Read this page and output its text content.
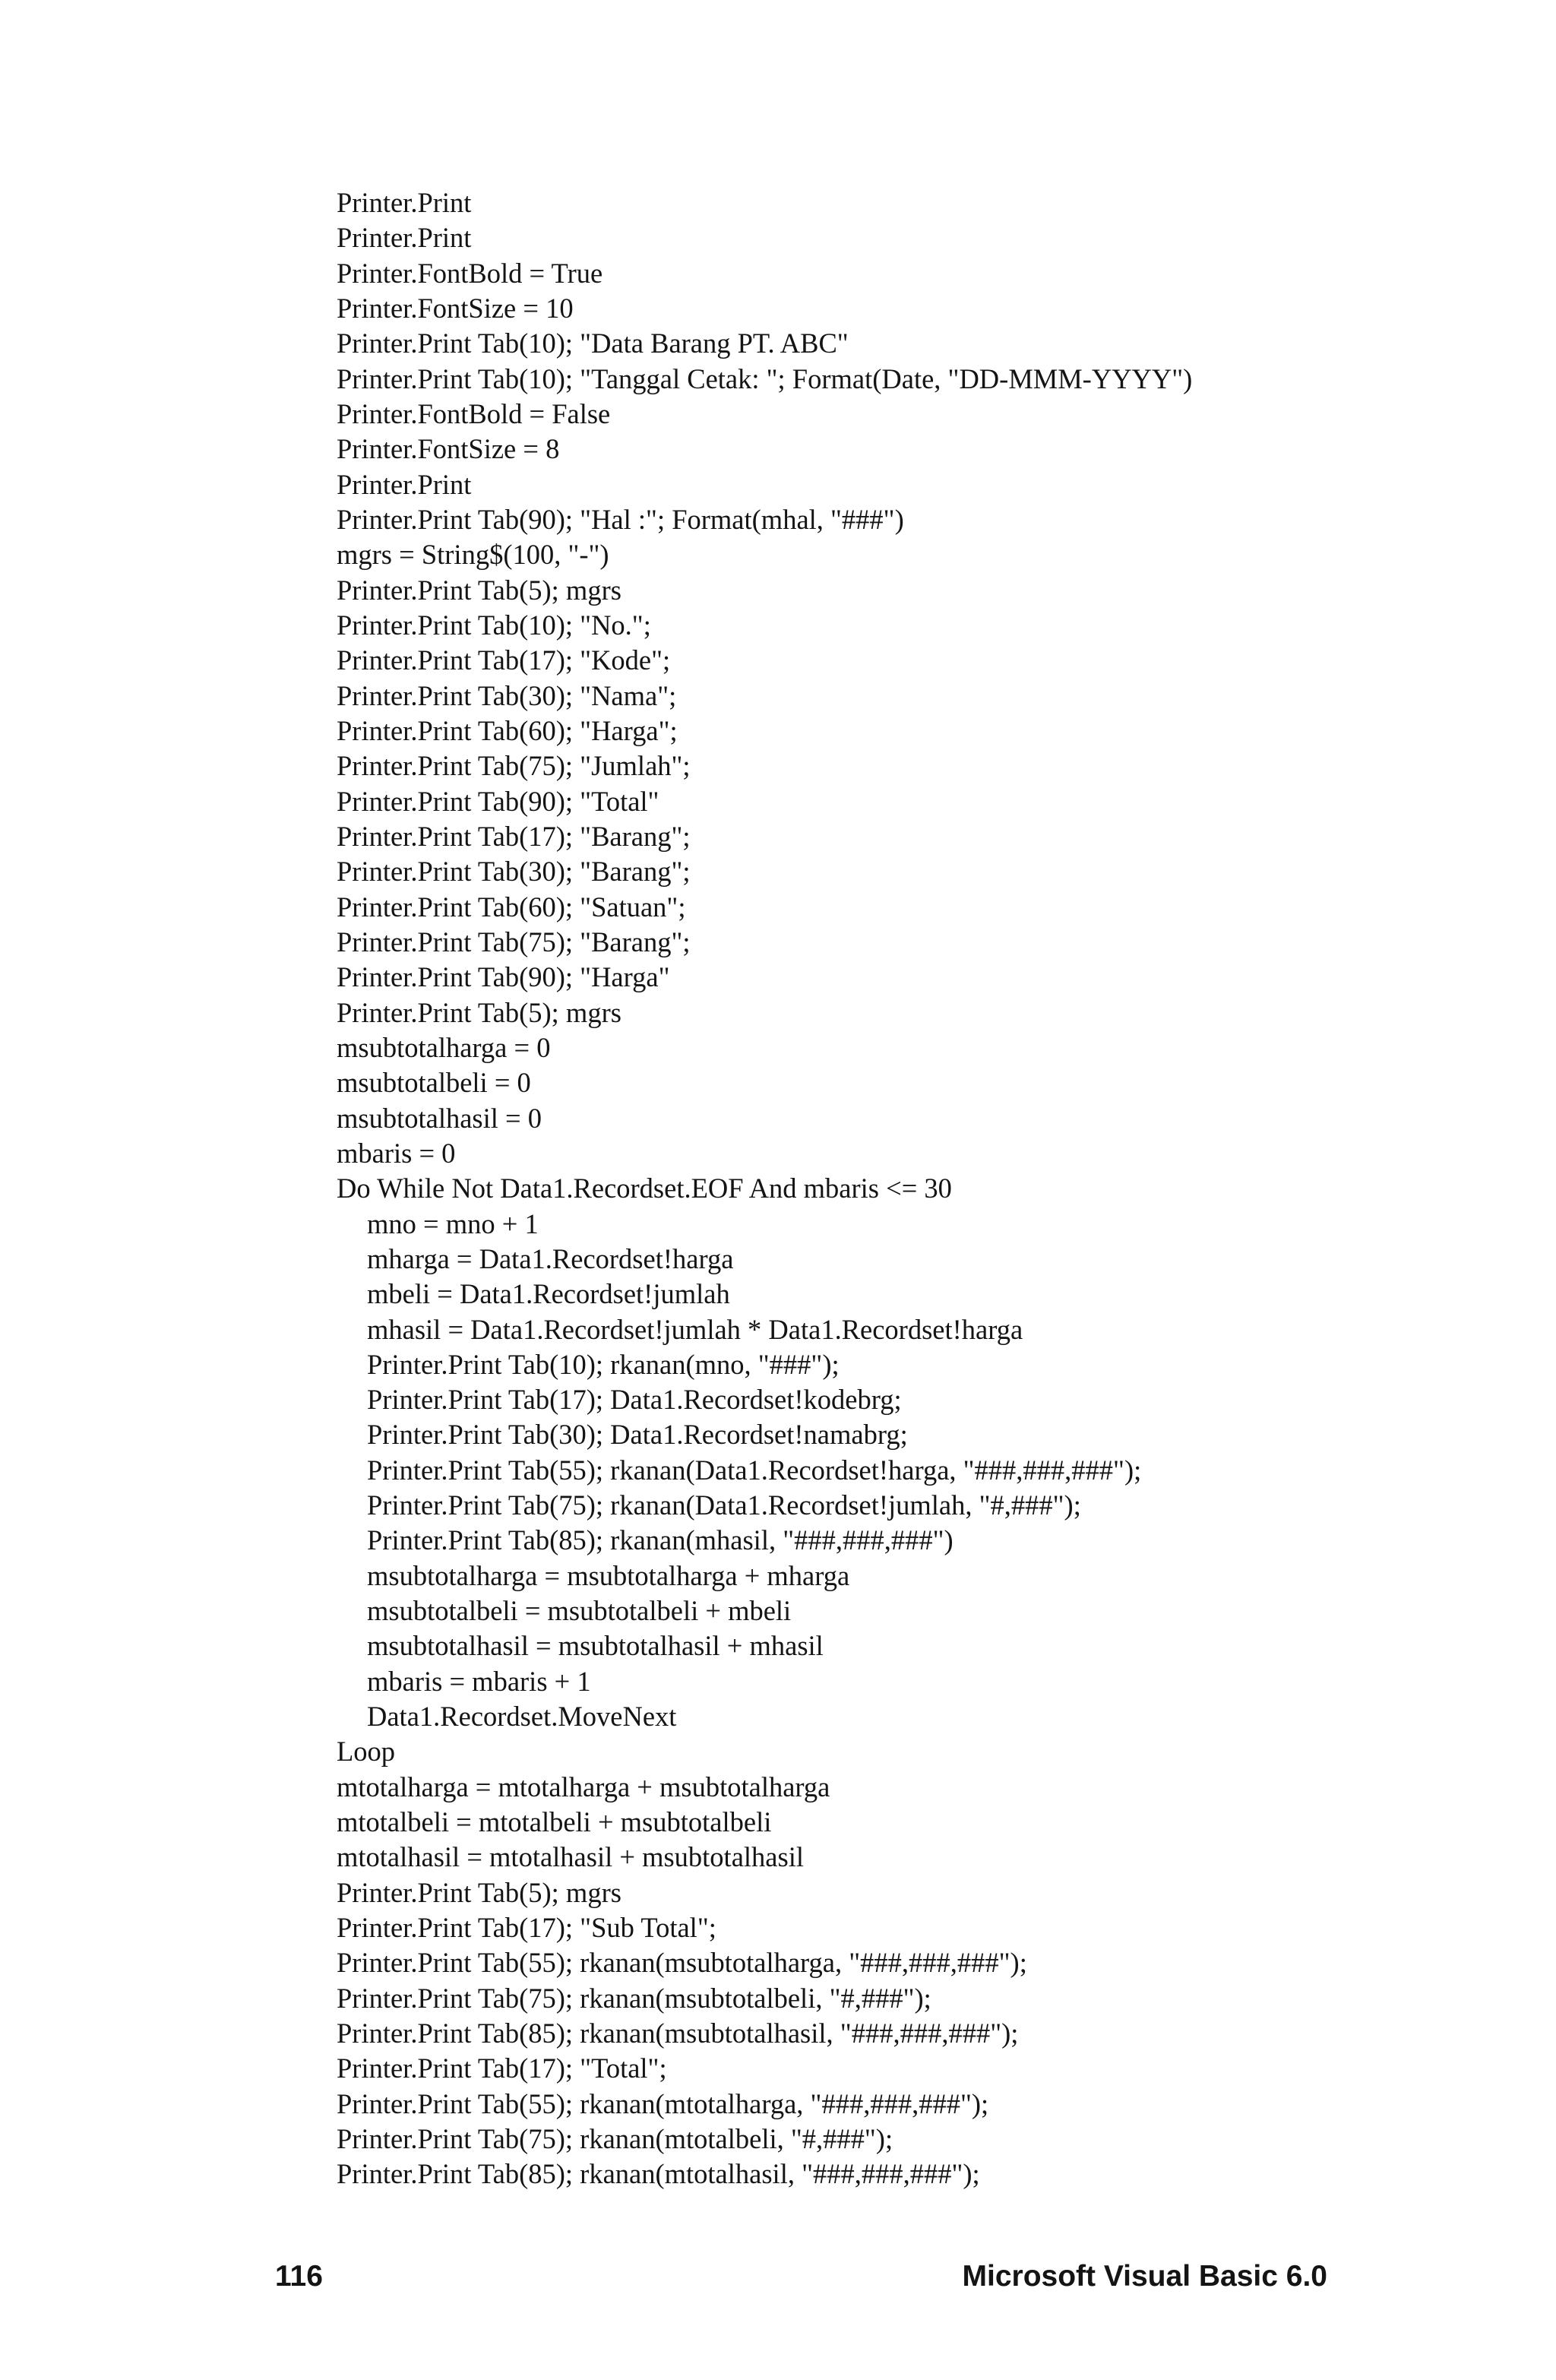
Printer.Print
Printer.Print
Printer.FontBold = True
Printer.FontSize = 10
Printer.Print Tab(10); "Data Barang PT. ABC"
Printer.Print Tab(10); "Tanggal Cetak: "; Format(Date, "DD-MMM-YYYY")
Printer.FontBold = False
Printer.FontSize = 8
Printer.Print
Printer.Print Tab(90); "Hal :"; Format(mhal, "###")
mgrs = String$(100, "-")
Printer.Print Tab(5); mgrs
Printer.Print Tab(10); "No.";
Printer.Print Tab(17); "Kode";
Printer.Print Tab(30); "Nama";
Printer.Print Tab(60); "Harga";
Printer.Print Tab(75); "Jumlah";
Printer.Print Tab(90); "Total"
Printer.Print Tab(17); "Barang";
Printer.Print Tab(30); "Barang";
Printer.Print Tab(60); "Satuan";
Printer.Print Tab(75); "Barang";
Printer.Print Tab(90); "Harga"
Printer.Print Tab(5); mgrs
msubtotalharga = 0
msubtotalbeli = 0
msubtotalhasil = 0
mbaris = 0
Do While Not Data1.Recordset.EOF And mbaris <= 30
mno = mno + 1
mharga = Data1.Recordset!harga
mbeli = Data1.Recordset!jumlah
mhasil = Data1.Recordset!jumlah * Data1.Recordset!harga
Printer.Print Tab(10); rkanan(mno, "###");
Printer.Print Tab(17); Data1.Recordset!kodebrg;
Printer.Print Tab(30); Data1.Recordset!namabrg;
Printer.Print Tab(55); rkanan(Data1.Recordset!harga, "###,###,###");
Printer.Print Tab(75); rkanan(Data1.Recordset!jumlah, "#,###");
Printer.Print Tab(85); rkanan(mhasil, "###,###,###")
msubtotalharga = msubtotalharga + mharga
msubtotalbeli = msubtotalbeli + mbeli
msubtotalhasil = msubtotalhasil + mhasil
mbaris = mbaris + 1
Data1.Recordset.MoveNext
Loop
mtotalharga = mtotalharga + msubtotalharga
mtotalbeli = mtotalbeli + msubtotalbeli
mtotalhasil = mtotalhasil + msubtotalhasil
Printer.Print Tab(5); mgrs
Printer.Print Tab(17); "Sub Total";
Printer.Print Tab(55); rkanan(msubtotalharga, "###,###,###");
Printer.Print Tab(75); rkanan(msubtotalbeli, "#,###");
Printer.Print Tab(85); rkanan(msubtotalhasil, "###,###,###");
Printer.Print Tab(17); "Total";
Printer.Print Tab(55); rkanan(mtotalharga, "###,###,###");
Printer.Print Tab(75); rkanan(mtotalbeli, "#,###");
Printer.Print Tab(85); rkanan(mtotalhasil, "###,###,###");
116	Microsoft Visual Basic 6.0
